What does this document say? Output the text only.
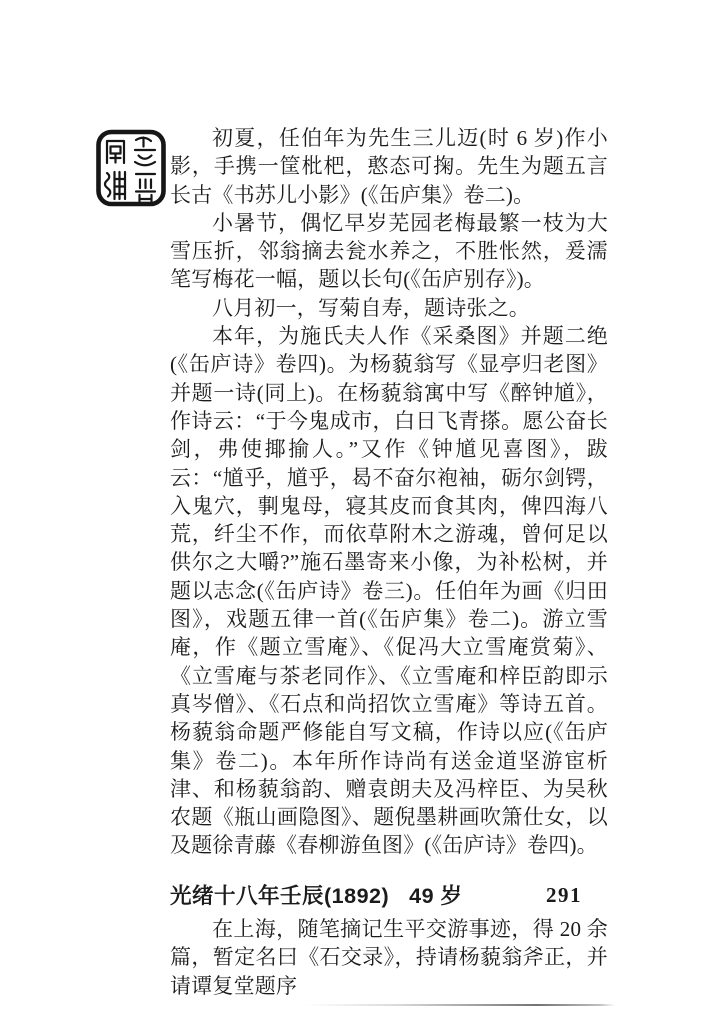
初夏，任伯年为先生三儿迈(时 6 岁)作小影，手携一筐枇杷，憨态可掬。先生为题五言长古《书苏儿小影》(《缶庐集》卷二)。

小暑节，偶忆早岁芜园老梅最繁一枝为大雪压折，邻翁摘去瓮水养之，不胜怅然，爰濡笔写梅花一幅，题以长句(《缶庐别存》)。

八月初一，写菊自寿，题诗张之。

本年，为施氏夫人作《采桑图》并题二绝(《缶庐诗》卷四)。为杨藐翁写《显亭归老图》并题一诗(同上)。在杨藐翁寓中写《醉钟馗》，作诗云：“于今鬼成市，白日飞青搽。愿公奋长剑，弗使揶揄人。”又作《钟馗见喜图》，跋云：“馗乎，馗乎，曷不奋尔袍袖，砺尔剑锷，入鬼穴，剚鬼母，寝其皮而食其肉，俾四海八荒，纤尘不作，而依草附木之游魂，曾何足以供尔之大嚼?”施石墨寄来小像，为补松树，并题以志念(《缶庐诗》卷三)。任伯年为画《归田图》，戏题五律一首(《缶庐集》卷二)。游立雪庵，作《题立雪庵》、《促冯大立雪庵赏菊》、《立雪庵与茶老同作》、《立雪庵和梓臣韵即示真岑僧》、《石点和尚招饮立雪庵》等诗五首。杨藐翁命题严修能自写文稿，作诗以应(《缶庐集》卷二)。本年所作诗尚有送金道坚游宦析津、和杨藐翁韵、赠袁朗夫及冯梓臣、为吴秋农题《瓶山画隐图》、题倪墨耕画吹箫仕女，以及题徐青藤《春柳游鱼图》(《缶庐诗》卷四)。

光绪十八年壬辰(1892) 49 岁

在上海，随笔摘记生平交游事迹，得 20 余篇，暂定名曰《石交录》，持请杨藐翁斧正，并请谭复堂题序

291
